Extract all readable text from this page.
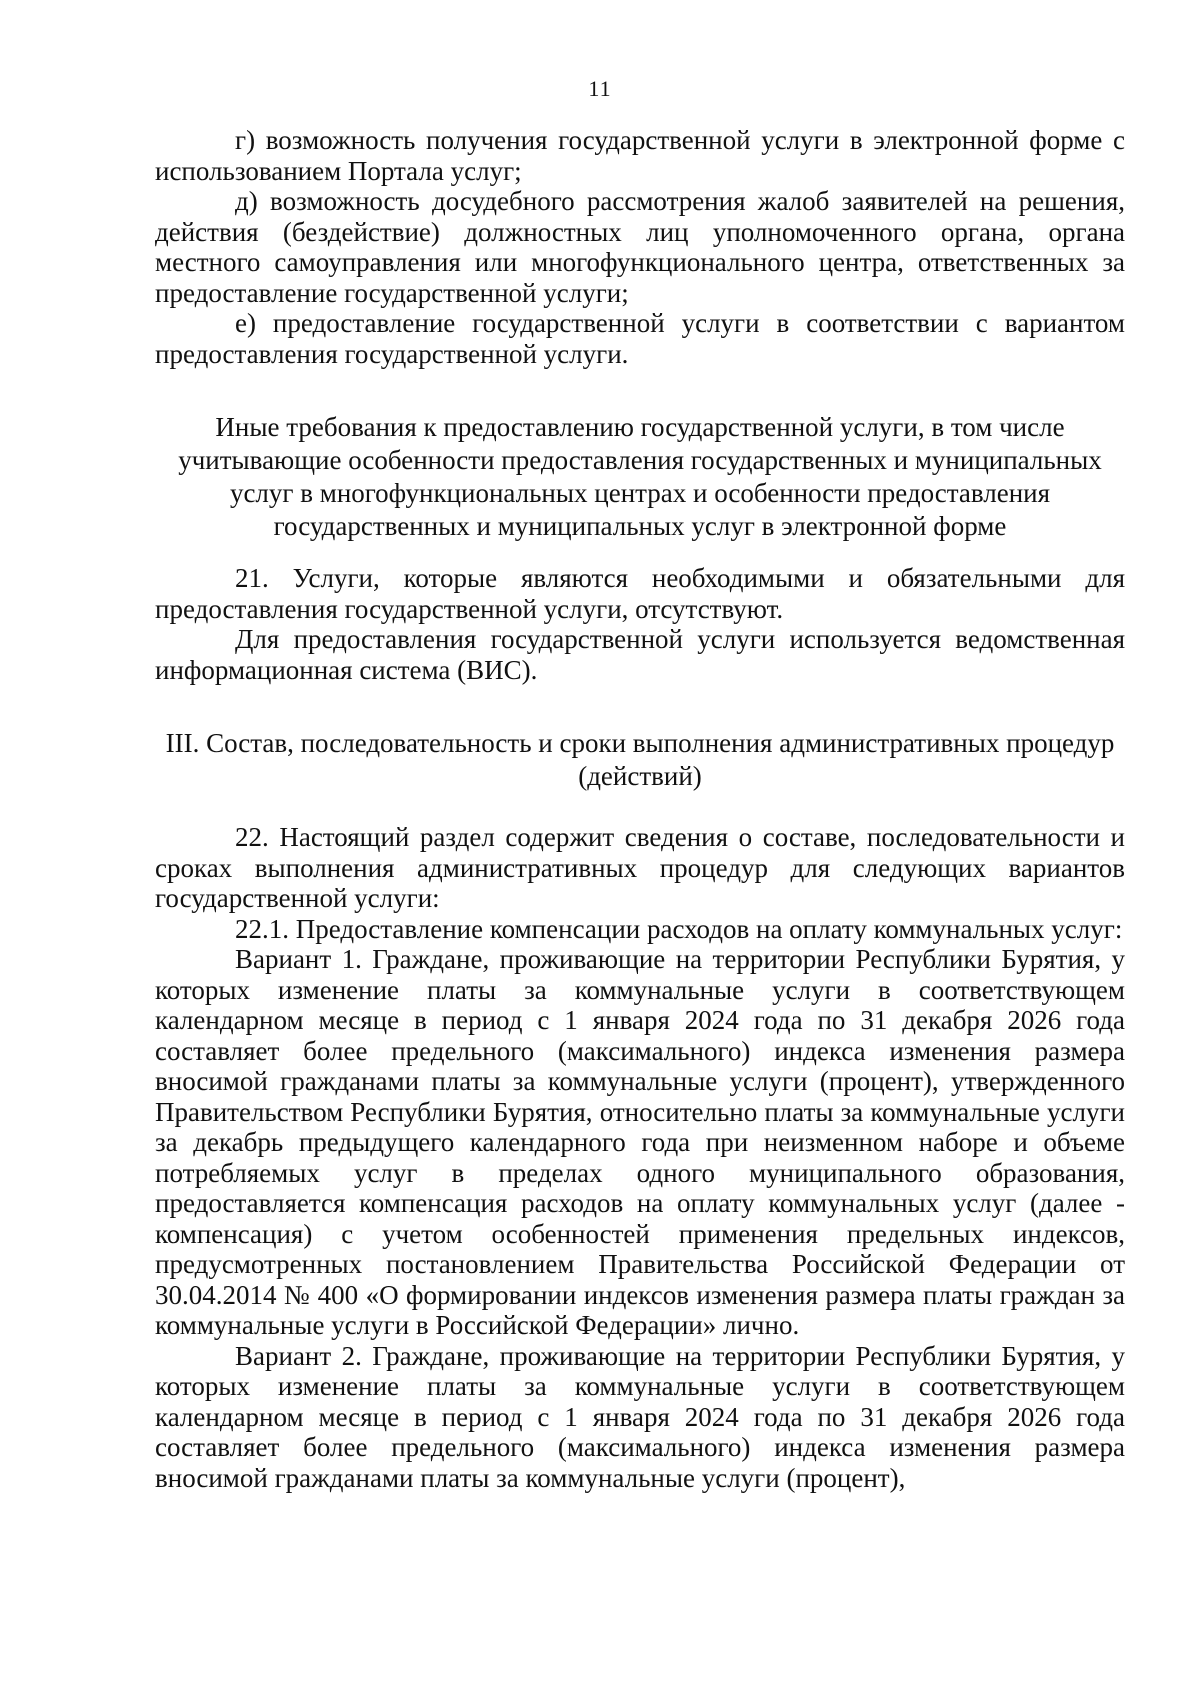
11

г) возможность получения государственной услуги в электронной форме с использованием Портала услуг;

д) возможность досудебного рассмотрения жалоб заявителей на решения, действия (бездействие) должностных лиц уполномоченного органа, органа местного самоуправления или многофункционального центра, ответственных за предоставление государственной услуги;

е) предоставление государственной услуги в соответствии с вариантом предоставления государственной услуги.

Иные требования к предоставлению государственной услуги, в том числе учитывающие особенности предоставления государственных и муниципальных услуг в многофункциональных центрах и особенности предоставления государственных и муниципальных услуг в электронной форме

21. Услуги, которые являются необходимыми и обязательными для предоставления государственной услуги, отсутствуют.

Для предоставления государственной услуги используется ведомственная информационная система (ВИС).

III. Состав, последовательность и сроки выполнения административных процедур (действий)

22. Настоящий раздел содержит сведения о составе, последовательности и сроках выполнения административных процедур для следующих вариантов государственной услуги:

22.1. Предоставление компенсации расходов на оплату коммунальных услуг:

Вариант 1. Граждане, проживающие на территории Республики Бурятия, у которых изменение платы за коммунальные услуги в соответствующем календарном месяце в период с 1 января 2024 года по 31 декабря 2026 года составляет более предельного (максимального) индекса изменения размера вносимой гражданами платы за коммунальные услуги (процент), утвержденного Правительством Республики Бурятия, относительно платы за коммунальные услуги за декабрь предыдущего календарного года при неизменном наборе и объеме потребляемых услуг в пределах одного муниципального образования, предоставляется компенсация расходов на оплату коммунальных услуг (далее - компенсация) с учетом особенностей применения предельных индексов, предусмотренных постановлением Правительства Российской Федерации от 30.04.2014 № 400 «О формировании индексов изменения размера платы граждан за коммунальные услуги в Российской Федерации» лично.

Вариант 2. Граждане, проживающие на территории Республики Бурятия, у которых изменение платы за коммунальные услуги в соответствующем календарном месяце в период с 1 января 2024 года по 31 декабря 2026 года составляет более предельного (максимального) индекса изменения размера вносимой гражданами платы за коммунальные услуги (процент),
